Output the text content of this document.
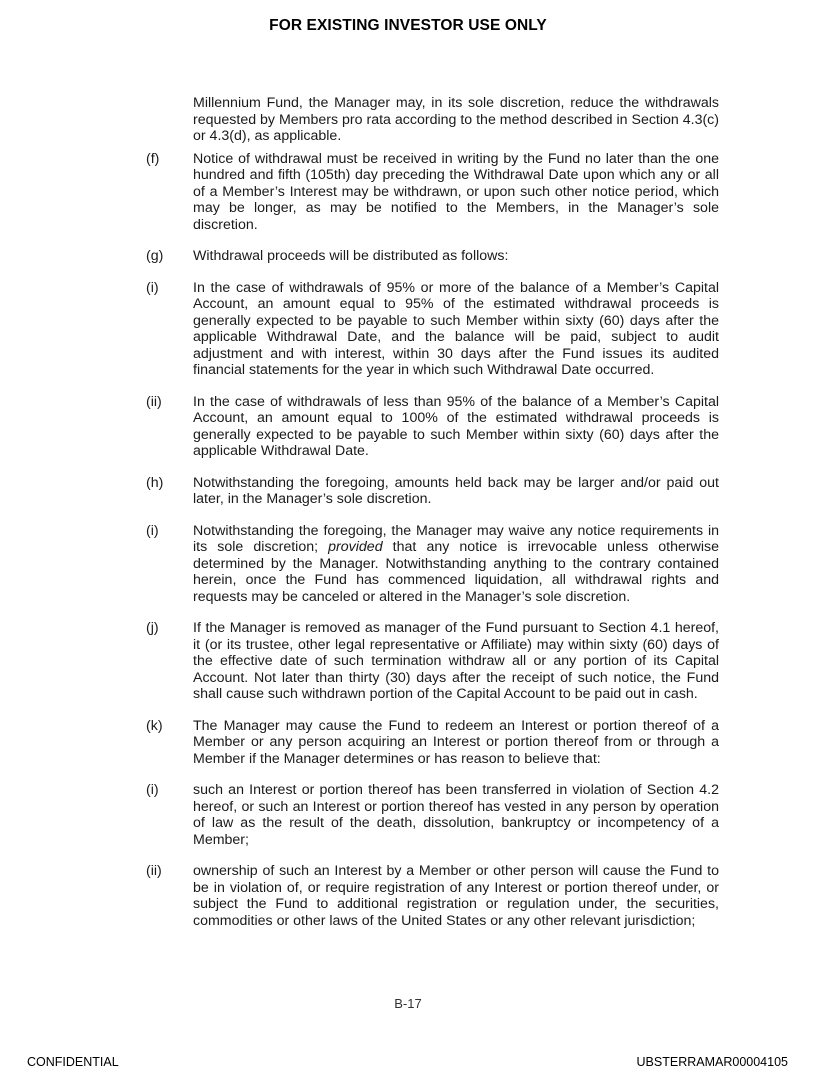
FOR EXISTING INVESTOR USE ONLY

Millennium Fund, the Manager may, in its sole discretion, reduce the withdrawals requested by Members pro rata according to the method described in Section 4.3(c) or 4.3(d), as applicable.

(f) Notice of withdrawal must be received in writing by the Fund no later than the one hundred and fifth (105th) day preceding the Withdrawal Date upon which any or all of a Member’s Interest may be withdrawn, or upon such other notice period, which may be longer, as may be notified to the Members, in the Manager’s sole discretion.

(g) Withdrawal proceeds will be distributed as follows:

(i) In the case of withdrawals of 95% or more of the balance of a Member’s Capital Account, an amount equal to 95% of the estimated withdrawal proceeds is generally expected to be payable to such Member within sixty (60) days after the applicable Withdrawal Date, and the balance will be paid, subject to audit adjustment and with interest, within 30 days after the Fund issues its audited financial statements for the year in which such Withdrawal Date occurred.

(ii) In the case of withdrawals of less than 95% of the balance of a Member’s Capital Account, an amount equal to 100% of the estimated withdrawal proceeds is generally expected to be payable to such Member within sixty (60) days after the applicable Withdrawal Date.

(h) Notwithstanding the foregoing, amounts held back may be larger and/or paid out later, in the Manager’s sole discretion.

(i) Notwithstanding the foregoing, the Manager may waive any notice requirements in its sole discretion; provided that any notice is irrevocable unless otherwise determined by the Manager. Notwithstanding anything to the contrary contained herein, once the Fund has commenced liquidation, all withdrawal rights and requests may be canceled or altered in the Manager’s sole discretion.

(j) If the Manager is removed as manager of the Fund pursuant to Section 4.1 hereof, it (or its trustee, other legal representative or Affiliate) may within sixty (60) days of the effective date of such termination withdraw all or any portion of its Capital Account. Not later than thirty (30) days after the receipt of such notice, the Fund shall cause such withdrawn portion of the Capital Account to be paid out in cash.

(k) The Manager may cause the Fund to redeem an Interest or portion thereof of a Member or any person acquiring an Interest or portion thereof from or through a Member if the Manager determines or has reason to believe that:

(i) such an Interest or portion thereof has been transferred in violation of Section 4.2 hereof, or such an Interest or portion thereof has vested in any person by operation of law as the result of the death, dissolution, bankruptcy or incompetency of a Member;

(ii) ownership of such an Interest by a Member or other person will cause the Fund to be in violation of, or require registration of any Interest or portion thereof under, or subject the Fund to additional registration or regulation under, the securities, commodities or other laws of the United States or any other relevant jurisdiction;

B-17
CONFIDENTIAL	UBSTERRAMAR00004105
